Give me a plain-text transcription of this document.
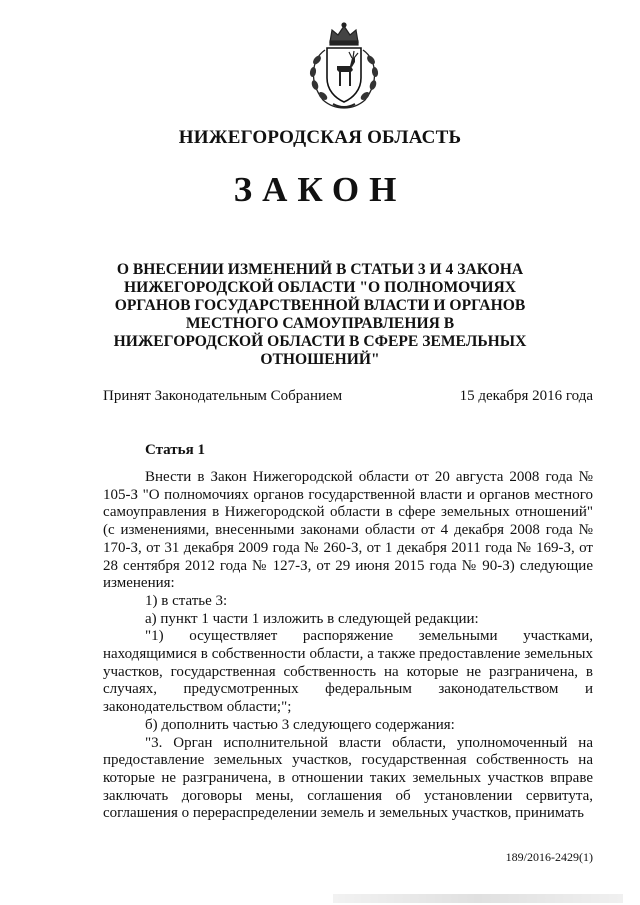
НИЖЕГОРОДСКАЯ ОБЛАСТЬ
ЗАКОН
О ВНЕСЕНИИ ИЗМЕНЕНИЙ В СТАТЬИ 3 И 4 ЗАКОНА НИЖЕГОРОДСКОЙ ОБЛАСТИ "О ПОЛНОМОЧИЯХ ОРГАНОВ ГОСУДАРСТВЕННОЙ ВЛАСТИ И ОРГАНОВ МЕСТНОГО САМОУПРАВЛЕНИЯ В НИЖЕГОРОДСКОЙ ОБЛАСТИ В СФЕРЕ ЗЕМЕЛЬНЫХ ОТНОШЕНИЙ"
Принят Законодательным Собранием	15 декабря 2016 года
Статья 1

Внести в Закон Нижегородской области от 20 августа 2008 года № 105-З "О полномочиях органов государственной власти и органов местного самоуправления в Нижегородской области в сфере земельных отношений" (с изменениями, внесенными законами области от 4 декабря 2008 года № 170-З, от 31 декабря 2009 года № 260-З, от 1 декабря 2011 года № 169-З, от 28 сентября 2012 года № 127-З, от 29 июня 2015 года № 90-З) следующие изменения:

1) в статье 3:

а) пункт 1 части 1 изложить в следующей редакции:

"1) осуществляет распоряжение земельными участками, находящимися в собственности области, а также предоставление земельных участков, государственная собственность на которые не разграничена, в случаях, предусмотренных федеральным законодательством и законодательством области;";

б) дополнить частью 3 следующего содержания:

"3. Орган исполнительной власти области, уполномоченный на предоставление земельных участков, государственная собственность на которые не разграничена, в отношении таких земельных участков вправе заключать договоры мены, соглашения об установлении сервитута, соглашения о перераспределении земель и земельных участков, принимать

189/2016-2429(1)
